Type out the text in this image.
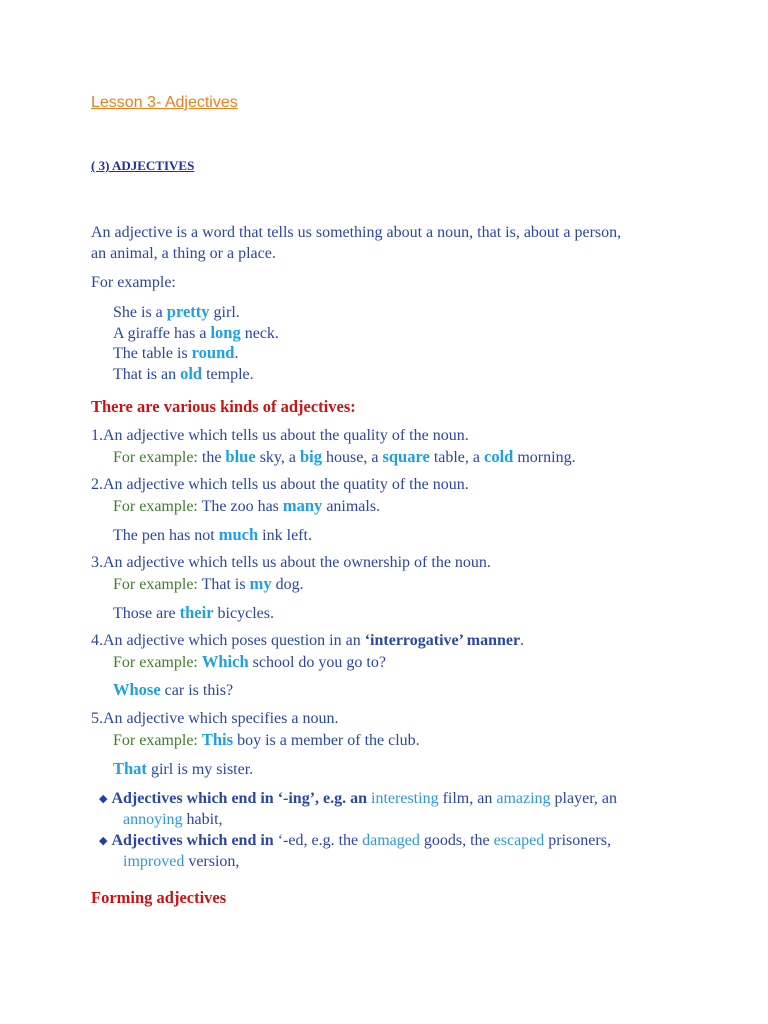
Lesson 3- Adjectives
( 3) ADJECTIVES
An adjective is a word that tells us something about a noun, that is, about a person,
an animal, a thing or a place.
For example:
She is a pretty girl.
A giraffe has a long neck.
The table is round.
That is an old temple.
There are various kinds of adjectives:
1.An adjective which tells us about the quality of the noun.
For example: the blue sky, a big house, a square table, a cold morning.
2.An adjective which tells us about the quatity of the noun.
For example: The zoo has many animals.
The pen has not much ink left.
3.An adjective which tells us about the ownership of the noun.
For example: That is my dog.
Those are their bicycles.
4.An adjective which poses question in an ‘interrogative’ manner.
For example: Which school do you go to?
Whose car is this?
5.An adjective which specifies a noun.
For example: This boy is a member of the club.
That girl is my sister.
◆ Adjectives which end in ‘-ing’, e.g. an interesting film, an amazing player, an
annoying habit,
◆ Adjectives which end in ‘-ed, e.g. the damaged goods, the escaped prisoners,
improved version,
Forming adjectives
